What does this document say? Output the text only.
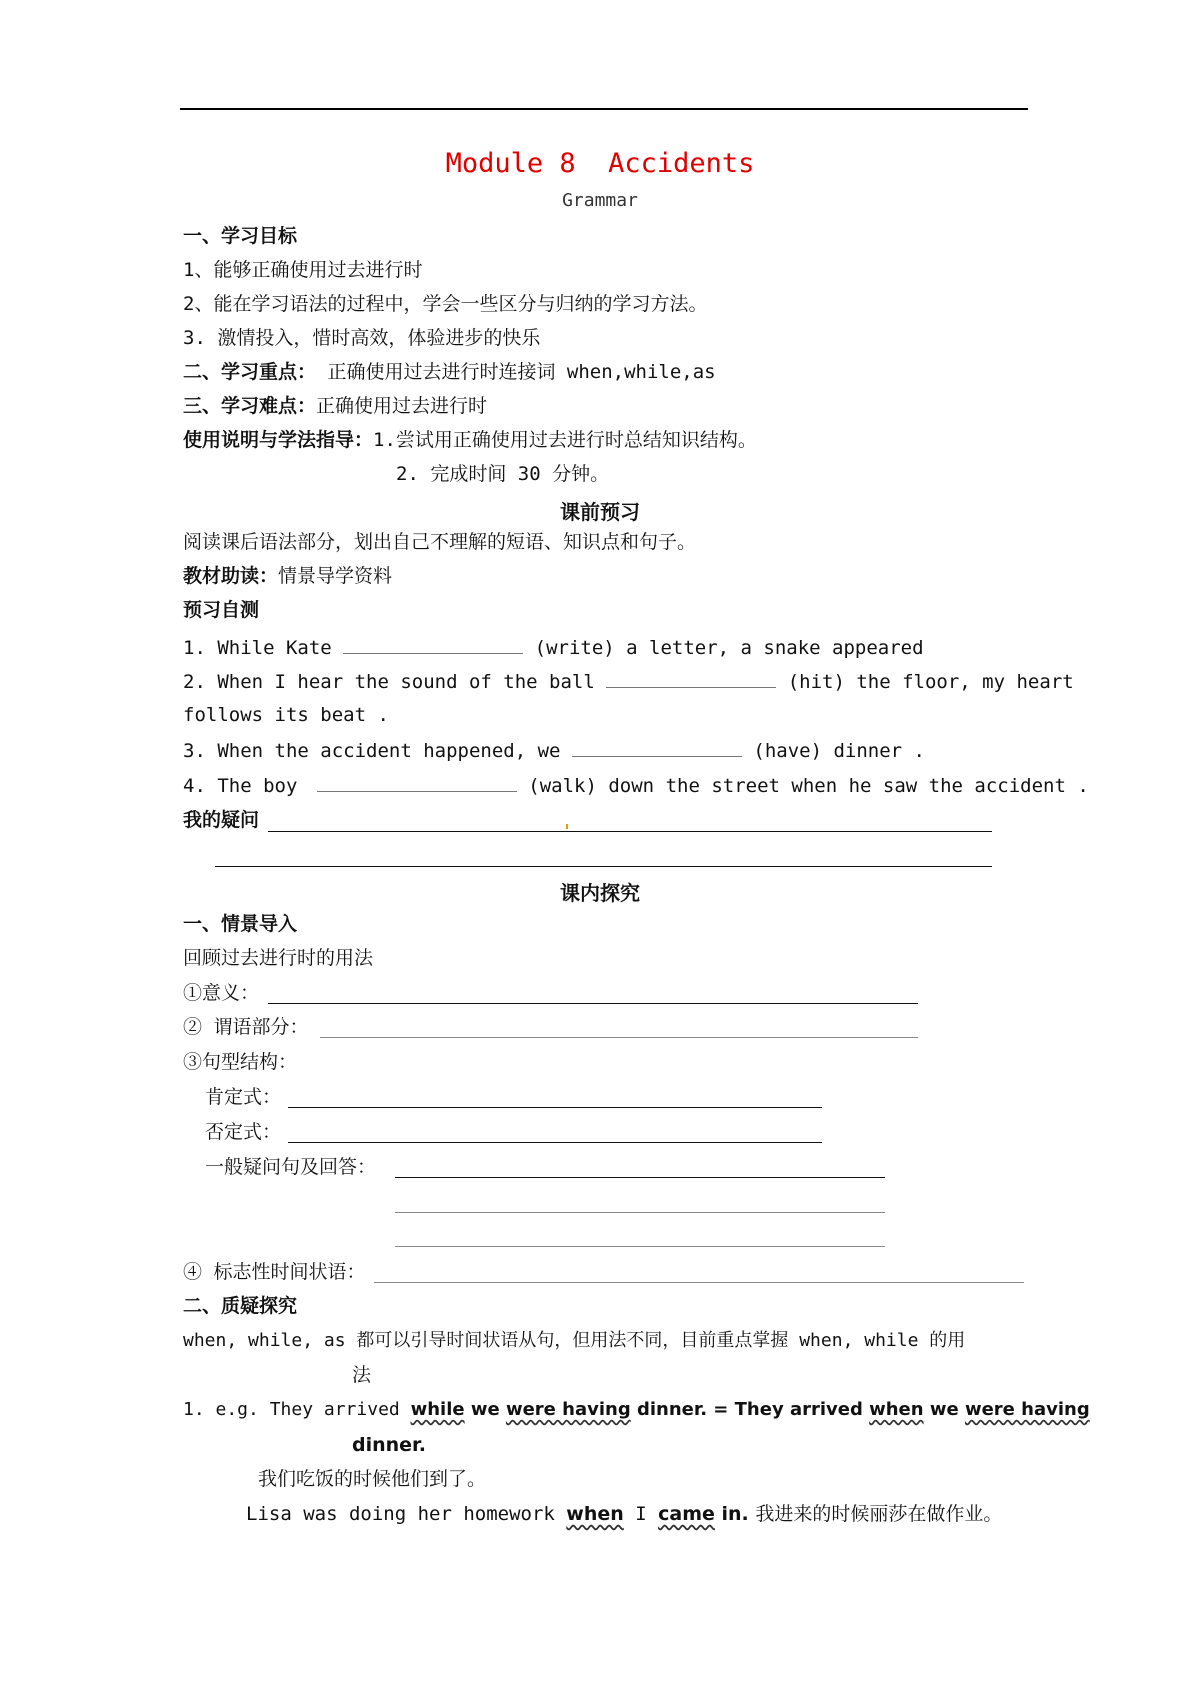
Module 8  Accidents
Grammar
一、学习目标
1、能够正确使用过去进行时
2、能在学习语法的过程中，学会一些区分与归纳的学习方法。
3. 激情投入，惜时高效，体验进步的快乐
二、学习重点： 正确使用过去进行时连接词 when,while,as
三、学习难点：正确使用过去进行时
使用说明与学法指导：1.尝试用正确使用过去进行时总结知识结构。
2. 完成时间 30 分钟。
课前预习
阅读课后语法部分，划出自己不理解的短语、知识点和句子。
教材助读：情景导学资料
预习自测
1. While Kate	(write) a letter, a snake appeared
2. When I hear the sound of the ball	(hit) the floor, my heart
follows its beat .
3. When the accident happened, we	(have) dinner .
4. The boy	(walk) down the street when he saw the accident .
我的疑问
课内探究
一、情景导入
回顾过去进行时的用法
①意义：
② 谓语部分：
③句型结构：
肯定式：
否定式：
一般疑问句及回答：
④ 标志性时间状语：
二、质疑探究
when, while, as 都可以引导时间状语从句，但用法不同，目前重点掌握 when, while 的用
法
1. e.g. They arrived while we were having dinner. = They arrived when we were having
dinner.
我们吃饭的时候他们到了。
Lisa was doing her homework when I came in. 我进来的时候丽莎在做作业。
